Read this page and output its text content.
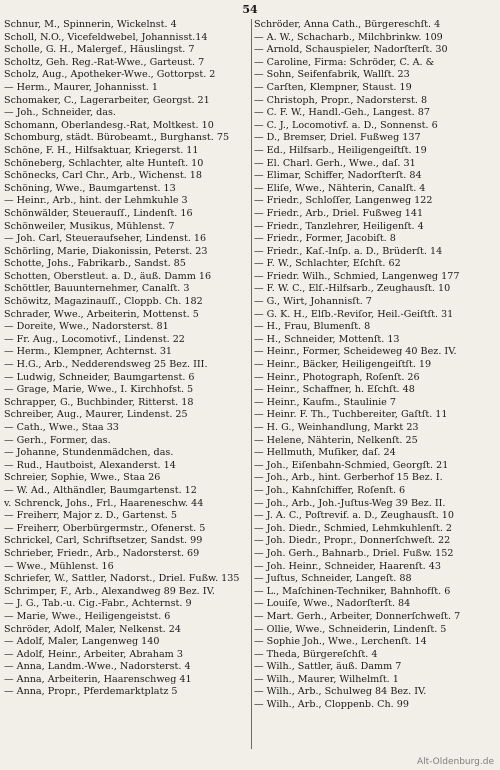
54
Schnur, M., Spinnerin, Wickelnst. 4
Scholl, N.O., Vicefeldwebel, Johannisst.14
Scholle, G. H., Malergef., Häuslingst. 7
Scholtz, Geh. Reg.-Rat-Wwe., Garteust. 7
Scholz, Aug., Apotheker-Wwe., Gottorpst. 2
— Herm., Maurer, Johannisst. 1
Schomaker, C., Lagerarbeiter, Georgst. 21
— Joh., Schneider, das.
Schomann, Oberlandesg.-Rat, Moltkest. 10
Schomburg, städt. Bürobeamt., Burghanst. 75
Schöne, F. H., Hilfsaktuar, Kriegerst. 11
Schöneberg, Schlachter, alte Hunteſt. 10
Schönecks, Carl Chr., Arb., Wichenst. 18
Schöning, Wwe., Baumgartenst. 13
— Heinr., Arb., hint. der Lehmkuhle 3
Schönwälder, Steuerauſſ., Lindenſt. 16
Schönweiler, Musikus, Mühlenst. 7
— Joh. Carl, Steueraufseher, Lindenst. 16
Schörling, Marie, Diakonissin, Peterst. 23
Schotte, Johs., Fabrikarb., Sandst. 85
Schotten, Oberstleut. a. D., äuß. Damm 16
Schöttler, Bauunternehmer, Canalſt. 3
Schöwitz, Magazinauſſ., Cloppb. Ch. 182
Schrader, Wwe., Arbeiterin, Mottenst. 5
— Doreite, Wwe., Nadorsterst. 81
— Fr. Aug., Locomotivf., Lindenst. 22
— Herm., Klempner, Achternst. 31
— H.G., Arb., Nedderendsweg 25 Bez. III.
— Ludwig, Schneider, Baumgartenst. 6
— Grage, Marie, Wwe., I. Kirchhofst. 5
Schrapper, G., Buchbinder, Ritterst. 18
Schreiber, Aug., Maurer, Lindenst. 25
— Cath., Wwe., Staa 33
— Gerh., Former, das.
— Johanne, Stundenmädchen, das.
— Rud., Hautboist, Alexanderst. 14
Schreier, Sophie, Wwe., Staa 26
— W. Ad., Althändler, Baumgartenst. 12
v. Schrenck, Johs., Frl., Haareneschw. 44
— Freiherr, Major z. D., Gartenst. 5
— Freiherr, Oberbürgermstr., Ofenerst. 5
Schrickel, Carl, Schriftsetzer, Sandst. 99
Schrieber, Friedr., Arb., Nadorsterst. 69
— Wwe., Mühlenst. 16
Schriefer, W., Sattler, Nadorst., Driel. Fußw. 135
Schrimper, F., Arb., Alexandweg 89 Bez. IV.
— J. G., Tab.-u. Cig.-Fabr., Achternst. 9
— Marie, Wwe., Heiligengeistst. 6
Schröder, Adolf, Maler, Nelkenst. 24
— Adolf, Maler, Langenweg 140
— Adolf, Heinr., Arbeiter, Abraham 3
— Anna, Landm.-Wwe., Nadorsterst. 4
— Anna, Arbeiterin, Haarenschweg 41
— Anna, Propr., Pferdemarktplatz 5
Schröder, Anna Cath., Bürgereschſt. 4
— A. W., Schacharb., Milchbrinkw. 109
— Arnold, Schauspieler, Nadorſterſt. 30
— Caroline, Firma: Schröder, C. A. &
— Sohn, Seifenfabrik, Wallſt. 23
— Carſten, Klempner, Staust. 19
— Christoph, Propr., Nadorsterst. 8
— C. F. W., Handl.-Geh., Langest. 87
— C. J., Locomotivf. a. D., Sonnenst. 6
— D., Bremser, Driel. Fußweg 137
— Ed., Hilfsarb., Heiligengeiſtſt. 19
— El. Charl. Gerh., Wwe., daſ. 31
— Elimar, Schiffer, Nadorſterſt. 84
— Eliſe, Wwe., Nähterin, Canalſt. 4
— Friedr., Schloſſer, Langenweg 122
— Friedr., Arb., Driel. Fußweg 141
— Friedr., Tanzlehrer, Heiligenſt. 4
— Friedr., Former, Jacobiſt. 8
— Friedr., Kaſ.-Inſp. a. D., Brüderſt. 14
— F. W., Schlachter, Eſchſt. 62
— Friedr. Wilh., Schmied, Langenweg 177
— F. W. C., Elſ.-Hilfsarb., Zeughausſt. 10
— G., Wirt, Johannisſt. 7
— G. K. H., Elſb.-Reviſor, Heil.-Geiſtſt. 31
— H., Frau, Blumenſt. 8
— H., Schneider, Mottenſt. 13
— Heinr., Former, Scheideweg 40 Bez. IV.
— Heinr., Bäcker, Heiligengeiſtſt. 19
— Heinr., Photograph, Roſenſt. 26
— Heinr., Schaffner, h. Eſchſt. 48
— Heinr., Kaufm., Staulinie 7
— Heinr. F. Th., Tuchbereiter, Gaſtſt. 11
— H. G., Weinhandlung, Markt 23
— Helene, Nähterin, Nelkenſt. 25
— Hellmuth, Muſiker, daſ. 24
— Joh., Eiſenbahn-Schmied, Georgſt. 21
— Joh., Arb., hint. Gerberhof 15 Bez. I.
— Joh., Kahnſchiffer, Roſenſt. 6
— Joh., Arb., Joh.-Juſtus-Weg 39 Bez. II.
— J. A. C., Poſtrevif. a. D., Zeughausſt. 10
— Joh. Diedr., Schmied, Lehmkuhlenſt. 2
— Joh. Diedr., Propr., Donnerſchweſt. 22
— Joh. Gerh., Bahnarb., Driel. Fußw. 152
— Joh. Heinr., Schneider, Haarenſt. 43
— Juſtus, Schneider, Langeſt. 88
— L., Maſchinen-Techniker, Bahnhofſt. 6
— Louiſe, Wwe., Nadorſterſt. 84
— Mart. Gerh., Arbeiter, Donnerſchweſt. 7
— Ollie, Wwe., Schneiderin, Lindenſt. 5
— Sophie Joh., Wwe., Lerchenſt. 14
— Theda, Bürgereſchſt. 4
— Wilh., Sattler, äuß. Damm 7
— Wilh., Maurer, Wilhelmſt. 1
— Wilh., Arb., Schulweg 84 Bez. IV.
— Wilh., Arb., Cloppenb. Ch. 99
Alt-Oldenburg.de
